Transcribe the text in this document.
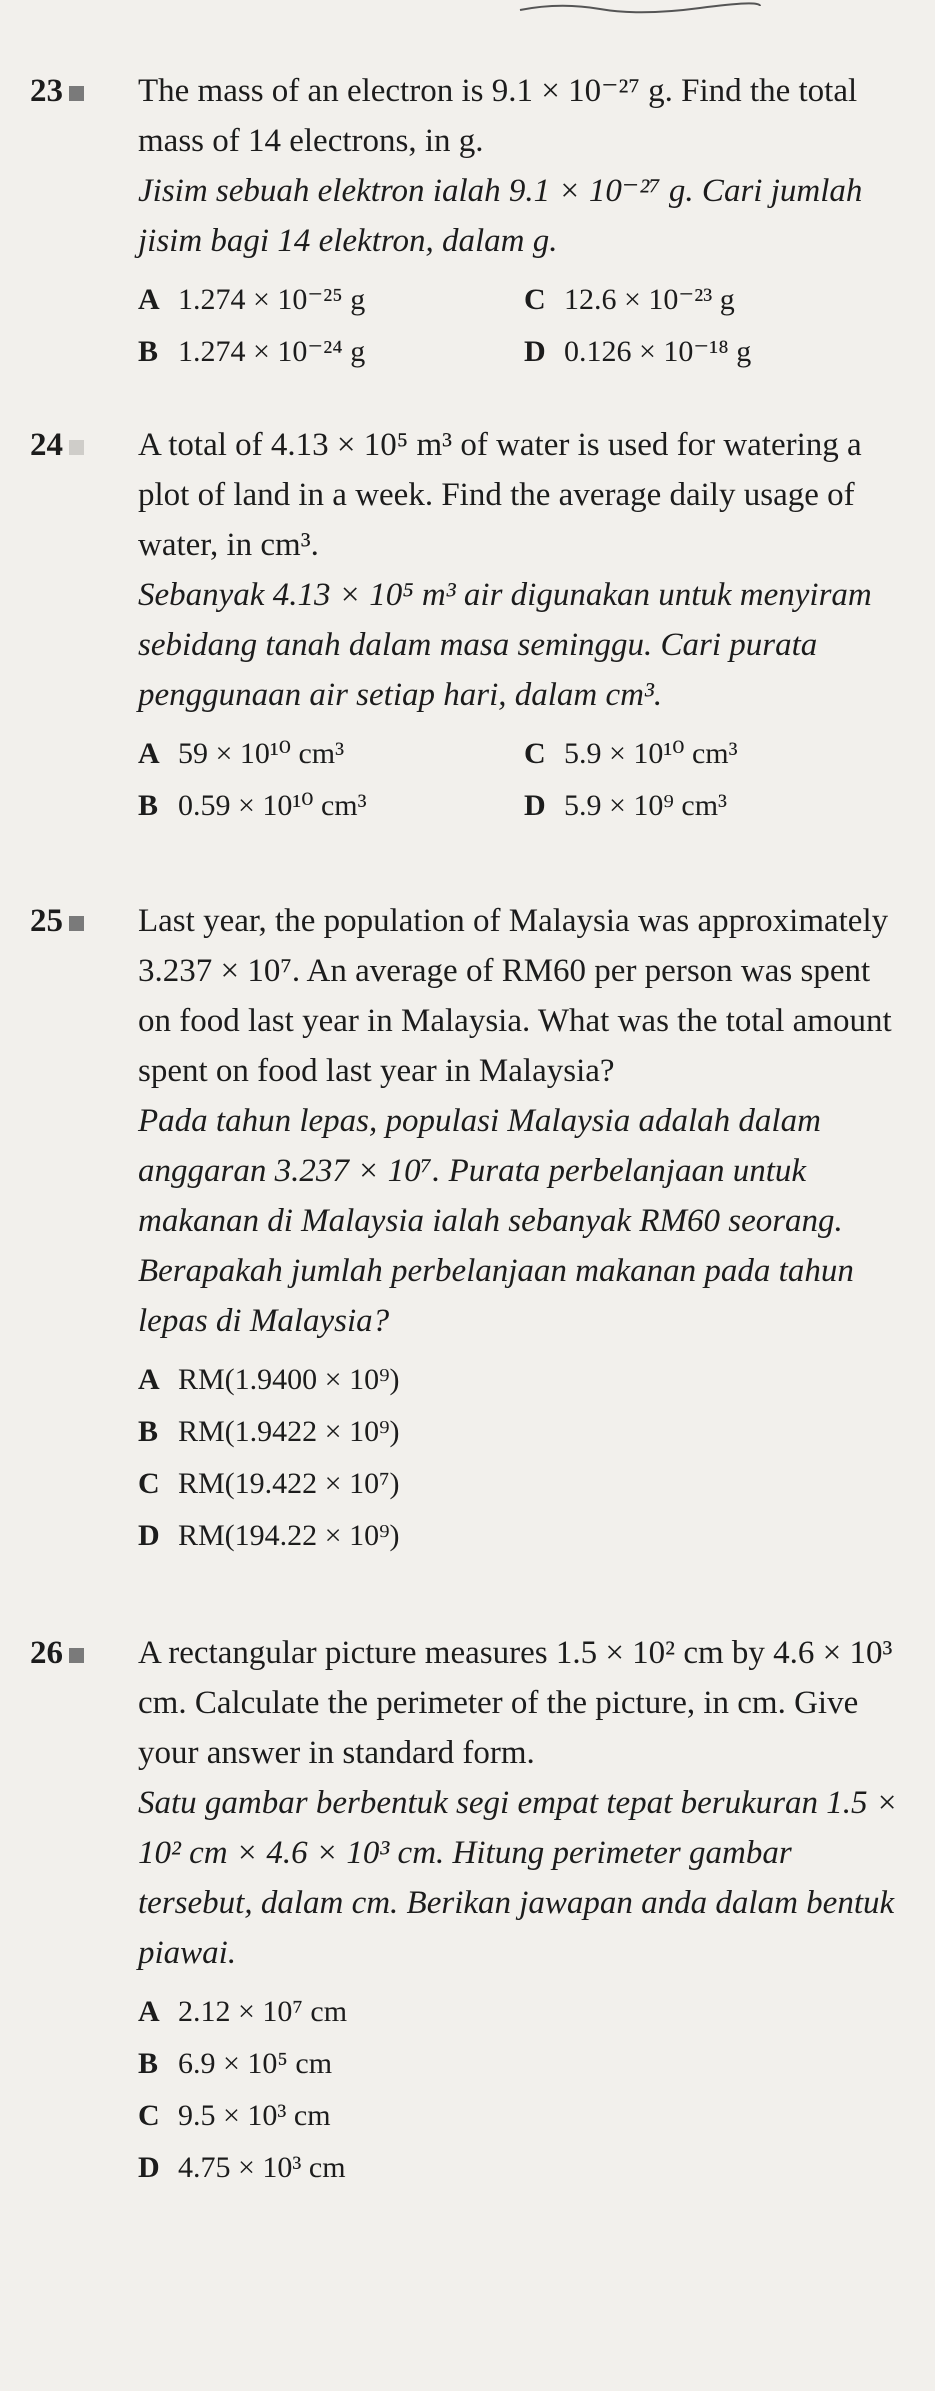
23	The mass of an electron is 9.1 × 10⁻²⁷ g. Find the total mass of 14 electrons, in g.
Jisim sebuah elektron ialah 9.1 × 10⁻²⁷ g. Cari jumlah jisim bagi 14 elektron, dalam g.
A 1.274 × 10⁻²⁵ g	C 12.6 × 10⁻²³ g
B 1.274 × 10⁻²⁴ g	D 0.126 × 10⁻¹⁸ g
24	A total of 4.13 × 10⁵ m³ of water is used for watering a plot of land in a week. Find the average daily usage of water, in cm³.
Sebanyak 4.13 × 10⁵ m³ air digunakan untuk menyiram sebidang tanah dalam masa seminggu. Cari purata penggunaan air setiap hari, dalam cm³.
A 59 × 10¹⁰ cm³	C 5.9 × 10¹⁰ cm³
B 0.59 × 10¹⁰ cm³	D 5.9 × 10⁹ cm³
25	Last year, the population of Malaysia was approximately 3.237 × 10⁷. An average of RM60 per person was spent on food last year in Malaysia. What was the total amount spent on food last year in Malaysia?
Pada tahun lepas, populasi Malaysia adalah dalam anggaran 3.237 × 10⁷. Purata perbelanjaan untuk makanan di Malaysia ialah sebanyak RM60 seorang. Berapakah jumlah perbelanjaan makanan pada tahun lepas di Malaysia?
A RM(1.9400 × 10⁹)
B RM(1.9422 × 10⁹)
C RM(19.422 × 10⁷)
D RM(194.22 × 10⁹)
26	A rectangular picture measures 1.5 × 10² cm by 4.6 × 10³ cm. Calculate the perimeter of the picture, in cm. Give your answer in standard form.
Satu gambar berbentuk segi empat tepat berukuran 1.5 × 10² cm × 4.6 × 10³ cm. Hitung perimeter gambar tersebut, dalam cm. Berikan jawapan anda dalam bentuk piawai.
A 2.12 × 10⁷ cm
B 6.9 × 10⁵ cm
C 9.5 × 10³ cm
D 4.75 × 10³ cm
